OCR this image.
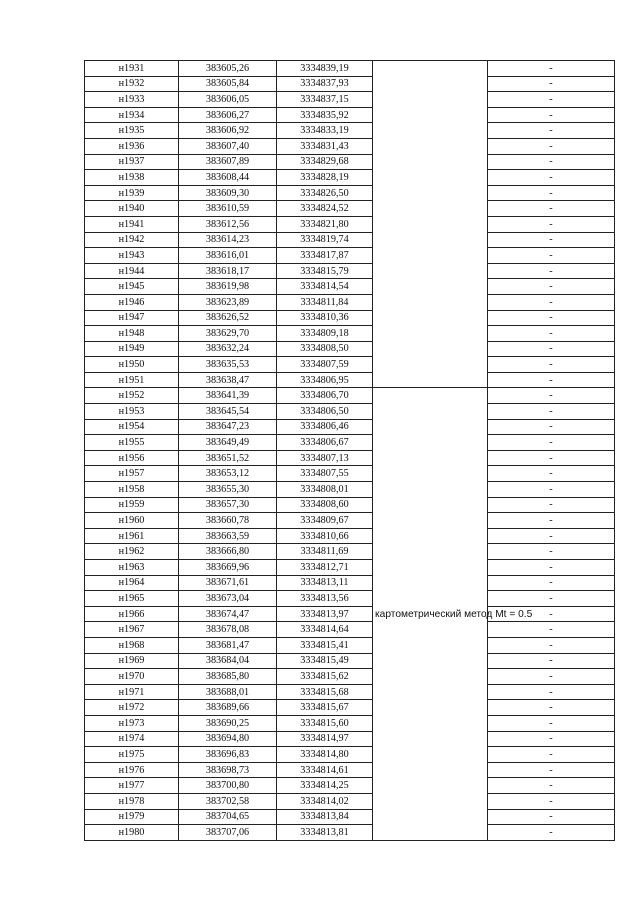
н1931	383605,26	3334839,19		-
н1932	383605,84	3334837,93		-
н1933	383606,05	3334837,15		-
н1934	383606,27	3334835,92		-
н1935	383606,92	3334833,19		-
н1936	383607,40	3334831,43		-
н1937	383607,89	3334829,68		-
н1938	383608,44	3334828,19		-
н1939	383609,30	3334826,50		-
н1940	383610,59	3334824,52		-
н1941	383612,56	3334821,80		-
н1942	383614,23	3334819,74		-
н1943	383616,01	3334817,87		-
н1944	383618,17	3334815,79		-
н1945	383619,98	3334814,54		-
н1946	383623,89	3334811,84		-
н1947	383626,52	3334810,36		-
н1948	383629,70	3334809,18		-
н1949	383632,24	3334808,50		-
н1950	383635,53	3334807,59		-
н1951	383638,47	3334806,95		-
н1952	383641,39	3334806,70	картометрический метод Mt = 0.5	-
н1953	383645,54	3334806,50		-
н1954	383647,23	3334806,46		-
н1955	383649,49	3334806,67		-
н1956	383651,52	3334807,13		-
н1957	383653,12	3334807,55		-
н1958	383655,30	3334808,01		-
н1959	383657,30	3334808,60		-
н1960	383660,78	3334809,67		-
н1961	383663,59	3334810,66		-
н1962	383666,80	3334811,69		-
н1963	383669,96	3334812,71		-
н1964	383671,61	3334813,11		-
н1965	383673,04	3334813,56		-
н1966	383674,47	3334813,97		-
н1967	383678,08	3334814,64		-
н1968	383681,47	3334815,41		-
н1969	383684,04	3334815,49		-
н1970	383685,80	3334815,62		-
н1971	383688,01	3334815,68		-
н1972	383689,66	3334815,67		-
н1973	383690,25	3334815,60		-
н1974	383694,80	3334814,97		-
н1975	383696,83	3334814,80		-
н1976	383698,73	3334814,61		-
н1977	383700,80	3334814,25		-
н1978	383702,58	3334814,02		-
н1979	383704,65	3334813,84		-
н1980	383707,06	3334813,81		-
